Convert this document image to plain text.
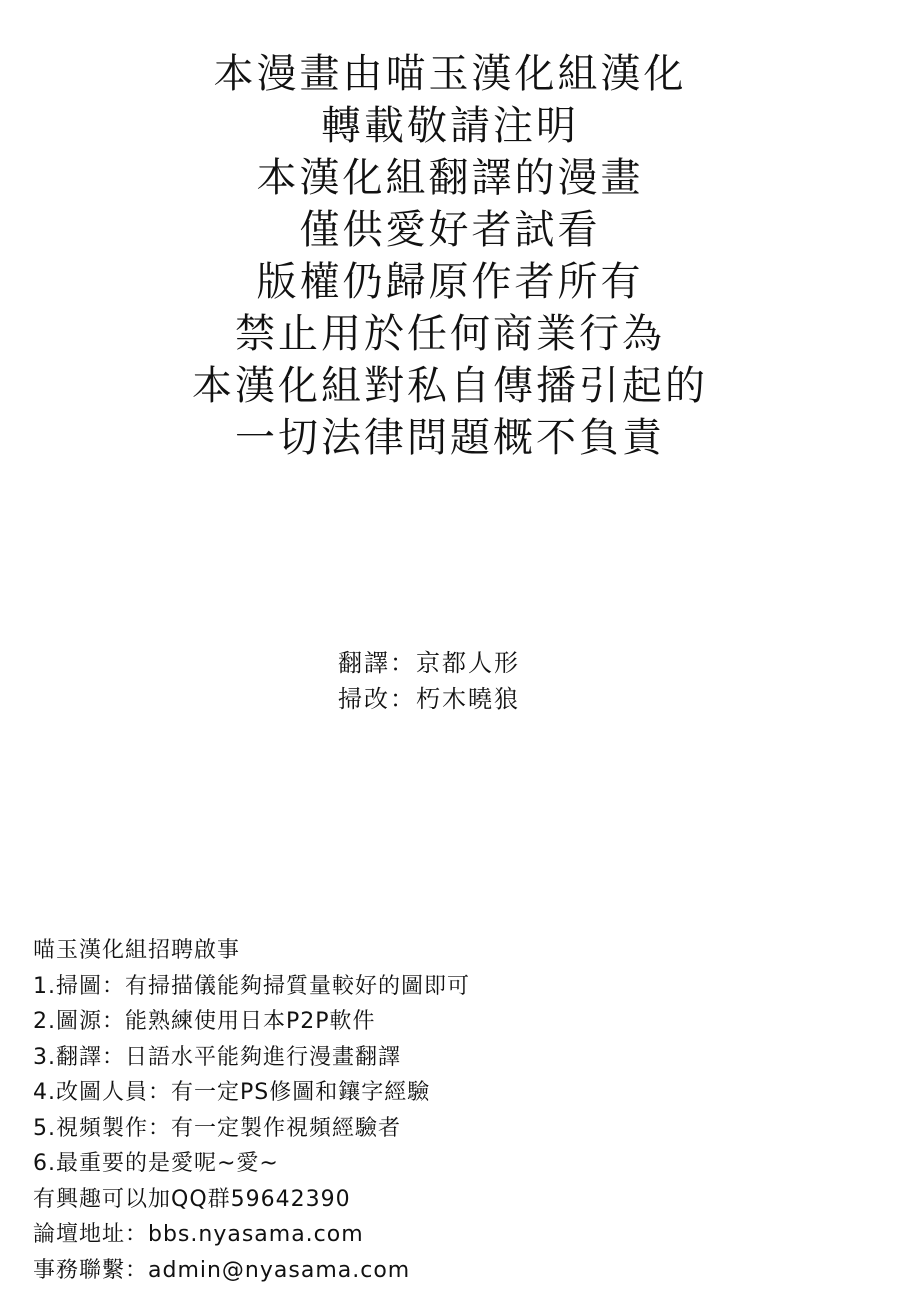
本漫畫由喵玉漢化組漢化
轉載敬請注明
本漢化組翻譯的漫畫
僅供愛好者試看
版權仍歸原作者所有
禁止用於任何商業行為
本漢化組對私自傳播引起的
一切法律問題概不負責
翻譯：京都人形
掃改：朽木曉狼
喵玉漢化組招聘啟事
1.掃圖：有掃描儀能夠掃質量較好的圖即可
2.圖源：能熟練使用日本P2P軟件
3.翻譯：日語水平能夠進行漫畫翻譯
4.改圖人員：有一定PS修圖和鑲字經驗
5.視頻製作：有一定製作視頻經驗者
6.最重要的是愛呢~愛~
有興趣可以加QQ群59642390
論壇地址：bbs.nyasama.com
事務聯繫：admin@nyasama.com
